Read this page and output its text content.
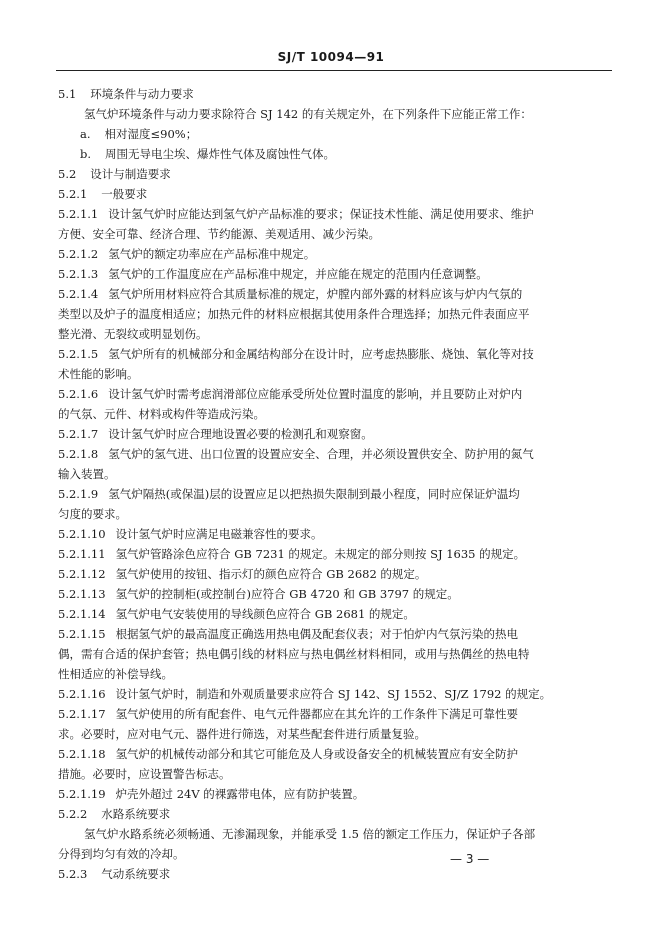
SJ/T 10094—91
5.1 环境条件与动力要求
氢气炉环境条件与动力要求除符合 SJ 142 的有关规定外，在下列条件下应能正常工作：
a. 相对湿度≤90%；
b. 周围无导电尘埃、爆炸性气体及腐蚀性气体。
5.2 设计与制造要求
5.2.1 一般要求
5.2.1.1 设计氢气炉时应能达到氢气炉产品标准的要求；保证技术性能、满足使用要求、维护
方便、安全可靠、经济合理、节约能源、美观适用、减少污染。
5.2.1.2 氢气炉的额定功率应在产品标准中规定。
5.2.1.3 氢气炉的工作温度应在产品标准中规定，并应能在规定的范围内任意调整。
5.2.1.4 氢气炉所用材料应符合其质量标准的规定，炉膛内部外露的材料应该与炉内气氛的
类型以及炉子的温度相适应；加热元件的材料应根据其使用条件合理选择；加热元件表面应平
整光滑、无裂纹或明显划伤。
5.2.1.5 氢气炉所有的机械部分和金属结构部分在设计时，应考虑热膨胀、烧蚀、氧化等对技
术性能的影响。
5.2.1.6 设计氢气炉时需考虑润滑部位应能承受所处位置时温度的影响，并且要防止对炉内
的气氛、元件、材料或构件等造成污染。
5.2.1.7 设计氢气炉时应合理地设置必要的检测孔和观察窗。
5.2.1.8 氢气炉的氢气进、出口位置的设置应安全、合理，并必须设置供安全、防护用的氮气
输入装置。
5.2.1.9 氢气炉隔热(或保温)层的设置应足以把热损失限制到最小程度，同时应保证炉温均
匀度的要求。
5.2.1.10 设计氢气炉时应满足电磁兼容性的要求。
5.2.1.11 氢气炉管路涂色应符合 GB 7231 的规定。未规定的部分则按 SJ 1635 的规定。
5.2.1.12 氢气炉使用的按钮、指示灯的颜色应符合 GB 2682 的规定。
5.2.1.13 氢气炉的控制柜(或控制台)应符合 GB 4720 和 GB 3797 的规定。
5.2.1.14 氢气炉电气安装使用的导线颜色应符合 GB 2681 的规定。
5.2.1.15 根据氢气炉的最高温度正确选用热电偶及配套仪表；对于怕炉内气氛污染的热电
偶，需有合适的保护套管；热电偶引线的材料应与热电偶丝材料相同，或用与热偶丝的热电特
性相适应的补偿导线。
5.2.1.16 设计氢气炉时，制造和外观质量要求应符合 SJ 142、SJ 1552、SJ/Z 1792 的规定。
5.2.1.17 氢气炉使用的所有配套件、电气元件器都应在其允许的工作条件下满足可靠性要
求。必要时，应对电气元、器件进行筛选，对某些配套件进行质量复验。
5.2.1.18 氢气炉的机械传动部分和其它可能危及人身或设备安全的机械装置应有安全防护
措施。必要时，应设置警告标志。
5.2.1.19 炉壳外超过 24V 的裸露带电体，应有防护装置。
5.2.2 水路系统要求
氢气炉水路系统必须畅通、无渗漏现象，并能承受 1.5 倍的额定工作压力，保证炉子各部
分得到均匀有效的冷却。
5.2.3 气动系统要求
— 3 —
